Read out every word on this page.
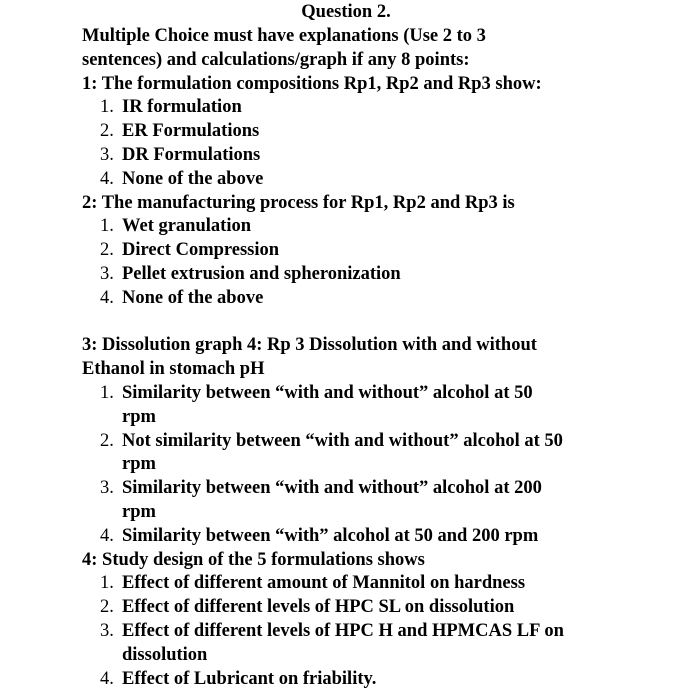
Question 2.
Multiple Choice must have explanations (Use 2 to 3
sentences) and calculations/graph if any 8 points:
1: The formulation compositions Rp1, Rp2 and Rp3 show:
1. IR formulation
2. ER Formulations
3. DR Formulations
4. None of the above
2: The manufacturing process for Rp1, Rp2 and Rp3 is
1. Wet granulation
2. Direct Compression
3. Pellet extrusion and spheronization
4. None of the above
3: Dissolution graph 4: Rp 3 Dissolution with and without
Ethanol in stomach pH
1. Similarity between “with and without” alcohol at 50
rpm
2. Not similarity between “with and without” alcohol at 50
rpm
3. Similarity between “with and without” alcohol at 200
rpm
4. Similarity between “with” alcohol at 50 and 200 rpm
4: Study design of the 5 formulations shows
1. Effect of different amount of Mannitol on hardness
2. Effect of different levels of HPC SL on dissolution
3. Effect of different levels of HPC H and HPMCAS LF on
dissolution
4. Effect of Lubricant on friability.
